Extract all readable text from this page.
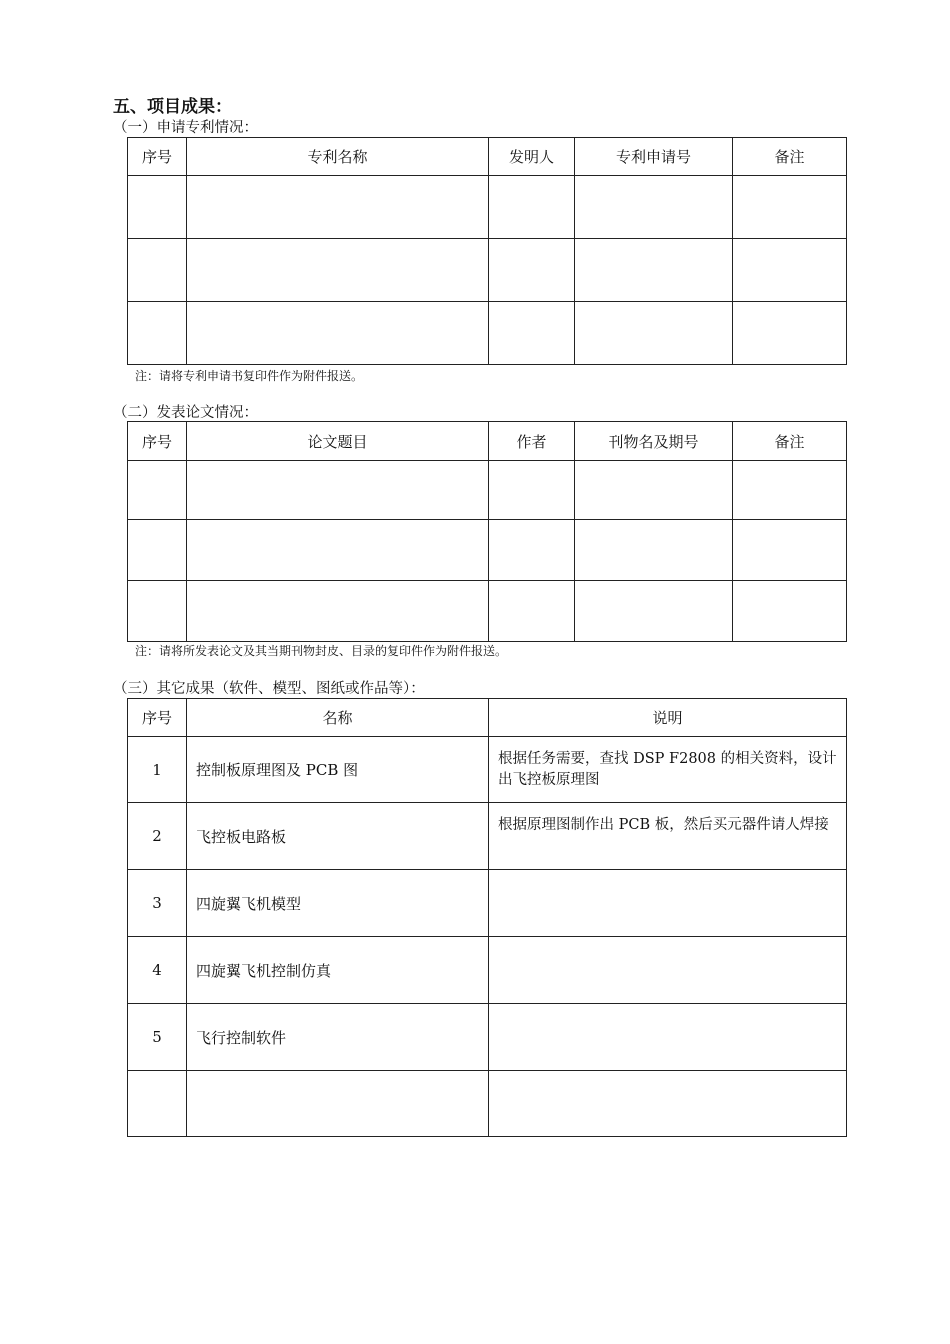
五、项目成果：
（一）申请专利情况：
序号	专利名称	发明人	专利申请号	备注

注：请将专利申请书复印件作为附件报送。
（二）发表论文情况：
序号	论文题目	作者	刊物名及期号	备注

注：请将所发表论文及其当期刊物封皮、目录的复印件作为附件报送。
（三）其它成果（软件、模型、图纸或作品等）：
序号	名称	说明
1	控制板原理图及 PCB 图	根据任务需要，查找 DSP F2808 的相关资料，设计出飞控板原理图
2	飞控板电路板	根据原理图制作出 PCB 板，然后买元器件请人焊接
3	四旋翼飞机模型	
4	四旋翼飞机控制仿真	
5	飞行控制软件	
